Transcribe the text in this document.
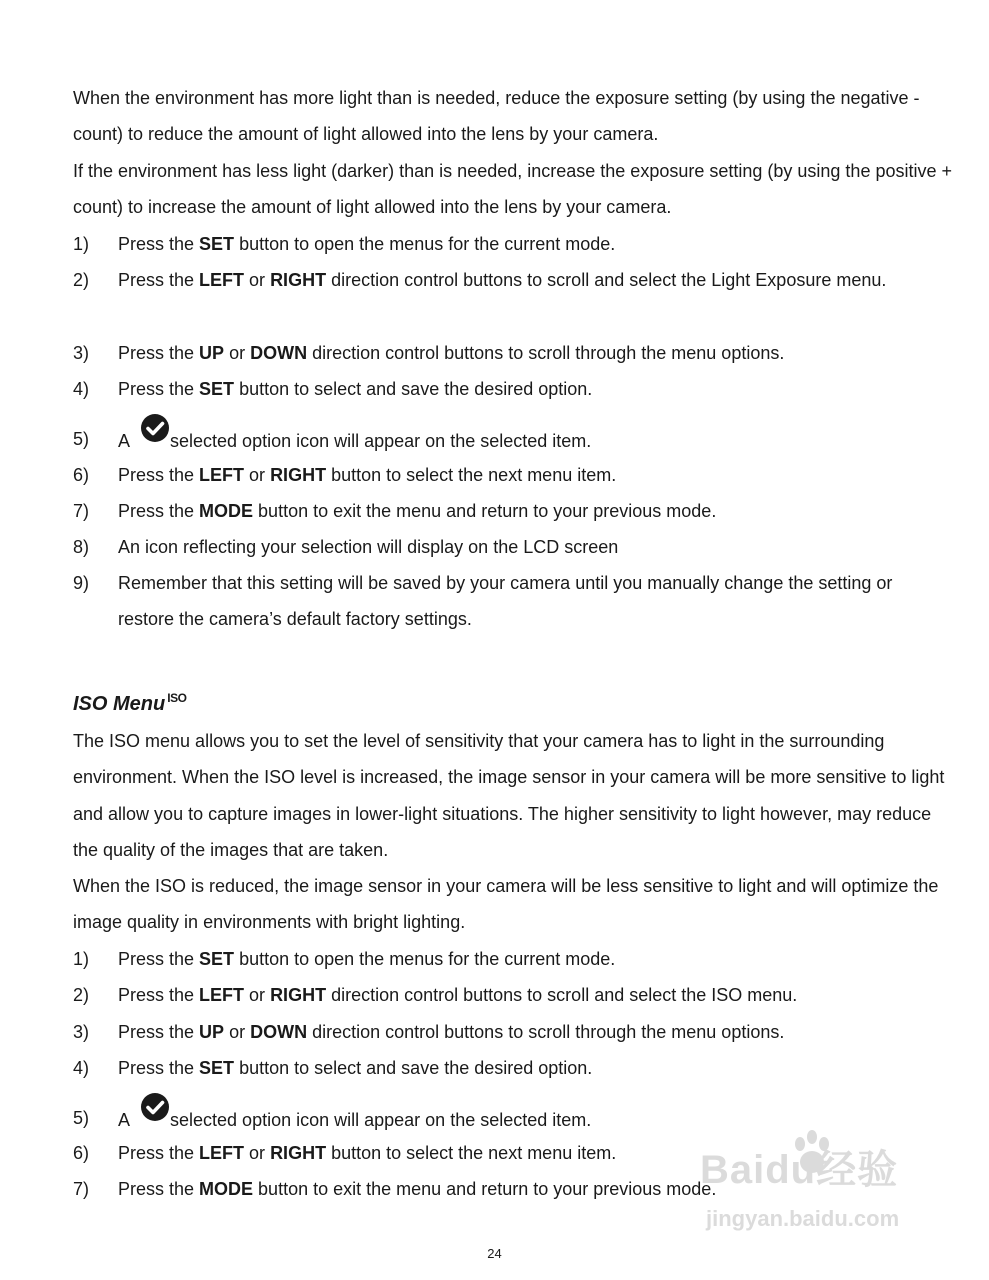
When the environment has more light than is needed, reduce the exposure setting (by using the negative - count) to reduce the amount of light allowed into the lens by your camera.
If the environment has less light (darker) than is needed, increase the exposure setting (by using the positive + count) to increase the amount of light allowed into the lens by your camera.
1) Press the SET button to open the menus for the current mode.
2) Press the LEFT or RIGHT direction control buttons to scroll and select the Light Exposure menu.
3) Press the UP or DOWN direction control buttons to scroll through the menu options.
4) Press the SET button to select and save the desired option.
5) A selected option icon will appear on the selected item.
6) Press the LEFT or RIGHT button to select the next menu item.
7) Press the MODE button to exit the menu and return to your previous mode.
8) An icon reflecting your selection will display on the LCD screen
9) Remember that this setting will be saved by your camera until you manually change the setting or restore the camera’s default factory settings.
ISO Menu $^{ISO}$
The ISO menu allows you to set the level of sensitivity that your camera has to light in the surrounding environment. When the ISO level is increased, the image sensor in your camera will be more sensitive to light and allow you to capture images in lower-light situations. The higher sensitivity to light however, may reduce the quality of the images that are taken.
When the ISO is reduced, the image sensor in your camera will be less sensitive to light and will optimize the image quality in environments with bright lighting.
1) Press the SET button to open the menus for the current mode.
2) Press the LEFT or RIGHT direction control buttons to scroll and select the ISO menu.
3) Press the UP or DOWN direction control buttons to scroll through the menu options.
4) Press the SET button to select and save the desired option.
5) A selected option icon will appear on the selected item.
6) Press the LEFT or RIGHT button to select the next menu item.
7) Press the MODE button to exit the menu and return to your previous mode.
Baidu经验
jingyan.baidu.com
24
